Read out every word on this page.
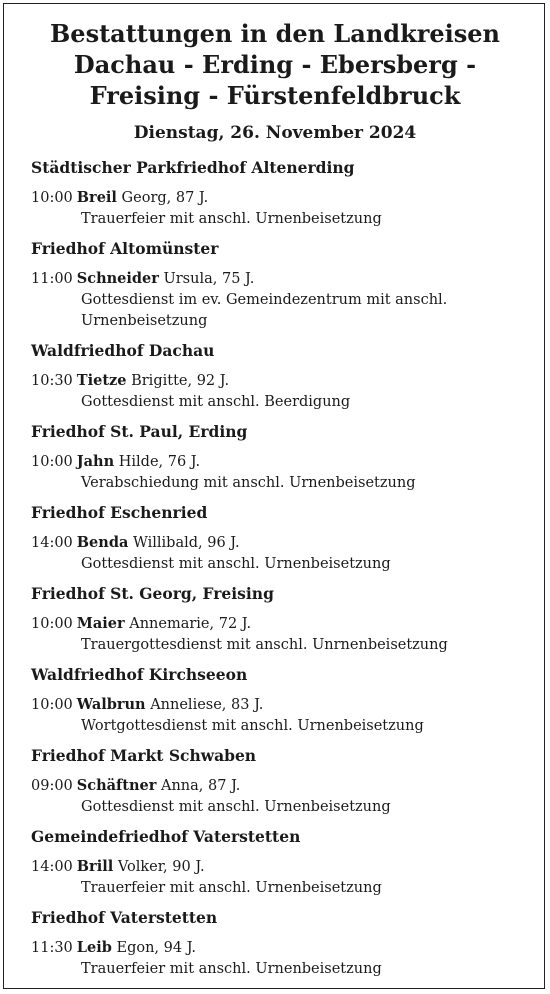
Bestattungen in den Landkreisen
Dachau - Erding - Ebersberg -
Freising - Fürstenfeldbruck
Dienstag, 26. November 2024
Städtischer Parkfriedhof Altenerding
10:00 Breil Georg, 87 J.
Trauerfeier mit anschl. Urnenbeisetzung
Friedhof Altomünster
11:00 Schneider Ursula, 75 J.
Gottesdienst im ev. Gemeindezentrum mit anschl.
Urnenbeisetzung
Waldfriedhof Dachau
10:30 Tietze Brigitte, 92 J.
Gottesdienst mit anschl. Beerdigung
Friedhof St. Paul, Erding
10:00 Jahn Hilde, 76 J.
Verabschiedung mit anschl. Urnenbeisetzung
Friedhof Eschenried
14:00 Benda Willibald, 96 J.
Gottesdienst mit anschl. Urnenbeisetzung
Friedhof St. Georg, Freising
10:00 Maier Annemarie, 72 J.
Trauergottesdienst mit anschl. Unrnenbeisetzung
Waldfriedhof Kirchseeon
10:00 Walbrun Anneliese, 83 J.
Wortgottesdienst mit anschl. Urnenbeisetzung
Friedhof Markt Schwaben
09:00 Schäftner Anna, 87 J.
Gottesdienst mit anschl. Urnenbeisetzung
Gemeindefriedhof Vaterstetten
14:00 Brill Volker, 90 J.
Trauerfeier mit anschl. Urnenbeisetzung
Friedhof Vaterstetten
11:30 Leib Egon, 94 J.
Trauerfeier mit anschl. Urnenbeisetzung
